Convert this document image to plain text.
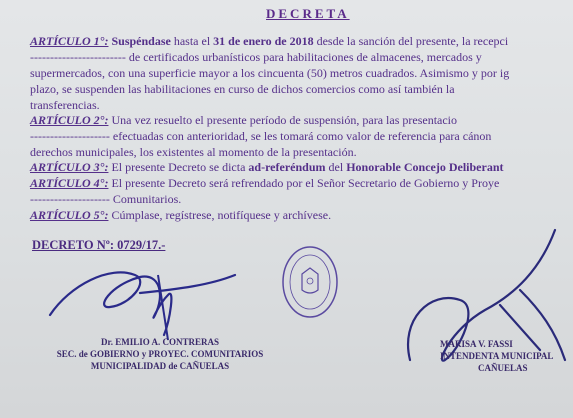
DECRETA
ARTÍCULO 1°: Suspéndase hasta el 31 de enero de 2018 desde la sanción del presente, la recepci
------------------------ de certificados urbanísticos para habilitaciones de almacenes, mercados y
supermercados, con una superficie mayor a los cincuenta (50) metros cuadrados. Asimismo y por ig
plazo, se suspenden las habilitaciones en curso de dichos comercios como así también la
transferencias.
ARTÍCULO 2°: Una vez resuelto el presente período de suspensión, para las presentacio
-------------------- efectuadas con anterioridad, se les tomará como valor de referencia para cánon
derechos municipales, los existentes al momento de la presentación.
ARTÍCULO 3°: El presente Decreto se dicta ad-referéndum del Honorable Concejo Deliberant
ARTÍCULO 4°: El presente Decreto será refrendado por el Señor Secretario de Gobierno y Proye
-------------------- Comunitarios.
ARTÍCULO 5°: Cúmplase, regístrese, notifíquese y archívese.
DECRETO Nº: 0729/17.-
Dr. EMILIO A. CONTRERAS
SEC. de GOBIERNO y PROYEC. COMUNITARIOS
MUNICIPALIDAD de CAÑUELAS
MARISA V. FASSI
INTENDENTA MUNICIPAL
CAÑUELAS
